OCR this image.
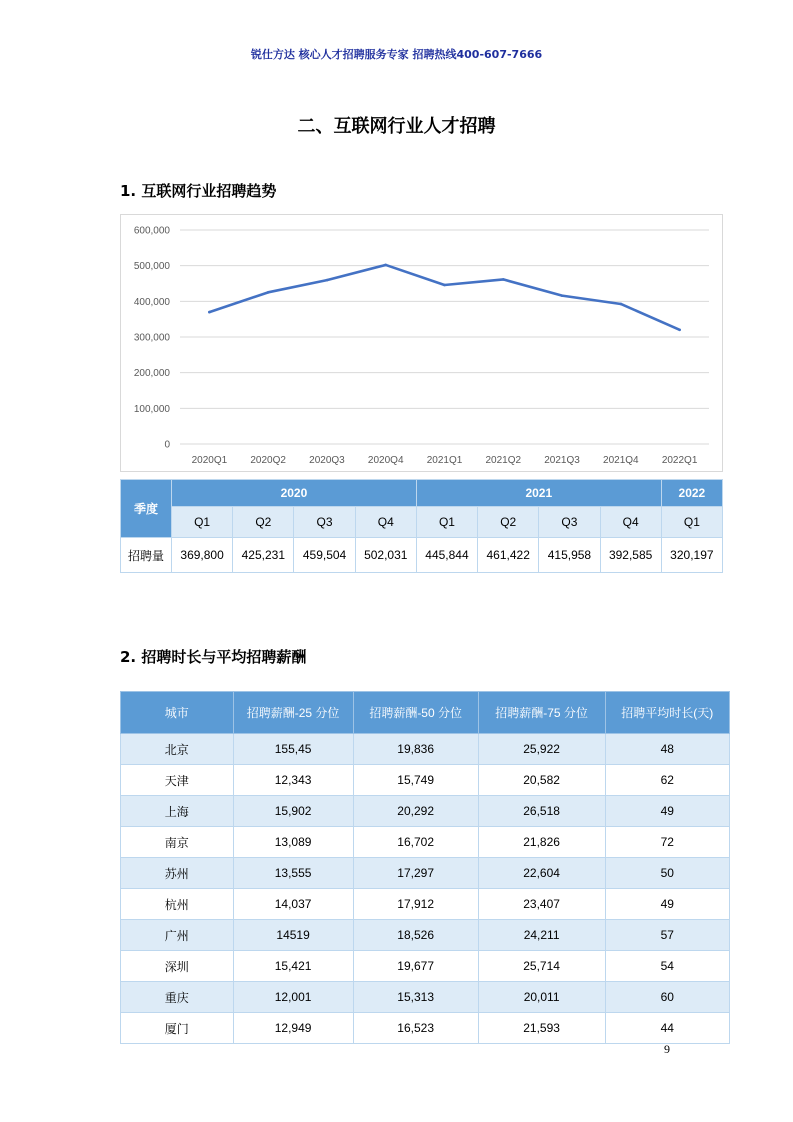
锐仕方达 核心人才招聘服务专家 招聘热线400-607-7666
二、互联网行业人才招聘
1. 互联网行业招聘趋势
0
100,000
200,000
300,000
400,000
500,000
600,000
2020Q1 2020Q2 2020Q3 2020Q4 2021Q1 2021Q2 2021Q3 2021Q4 2022Q1
季度	2020				2021				2022
	Q1	Q2	Q3	Q4	Q1	Q2	Q3	Q4	Q1
招聘量	369,800	425,231	459,504	502,031	445,844	461,422	415,958	392,585	320,197
2. 招聘时长与平均招聘薪酬
城市	招聘薪酬-25 分位	招聘薪酬-50 分位	招聘薪酬-75 分位	招聘平均时长(天)
北京	155,45	19,836	25,922	48
天津	12,343	15,749	20,582	62
上海	15,902	20,292	26,518	49
南京	13,089	16,702	21,826	72
苏州	13,555	17,297	22,604	50
杭州	14,037	17,912	23,407	49
广州	14519	18,526	24,211	57
深圳	15,421	19,677	25,714	54
重庆	12,001	15,313	20,011	60
厦门	12,949	16,523	21,593	44
9
